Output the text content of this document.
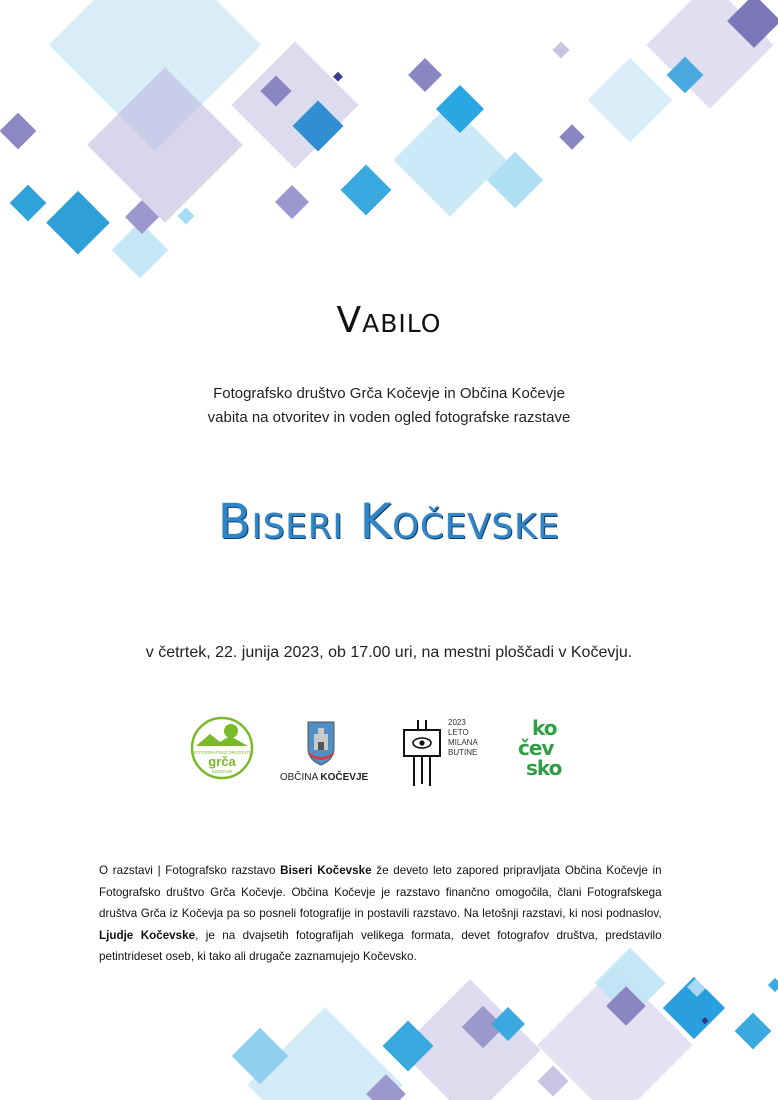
Vabilo
Fotografsko društvo Grča Kočevje in Občina Kočevje
vabita na otvoritev in voden ogled fotografske razstave
Biseri Kočevske
v četrtek, 22. junija 2023, ob 17.00 uri, na mestni ploščadi v Kočevju.
FOTOGRAFSKO DRUŠTVO
grča
KOČEVJE
OBČINA KOČEVJE
2023
LETO
MILANA
BUTINE
ko
čev
sko
O razstavi | Fotografsko razstavo Biseri Kočevske že deveto leto zapored pripravljata Občina Kočevje in Fotografsko društvo Grča Kočevje. Občina Kočevje je razstavo finančno omogočila, člani Fotografskega društva Grča iz Kočevja pa so posneli fotografije in postavili razstavo. Na letošnji razstavi, ki nosi podnaslov, Ljudje Kočevske, je na dvajsetih fotografijah velikega formata, devet fotografov društva, predstavilo petintrideset oseb, ki tako ali drugače zaznamujejo Kočevsko.
